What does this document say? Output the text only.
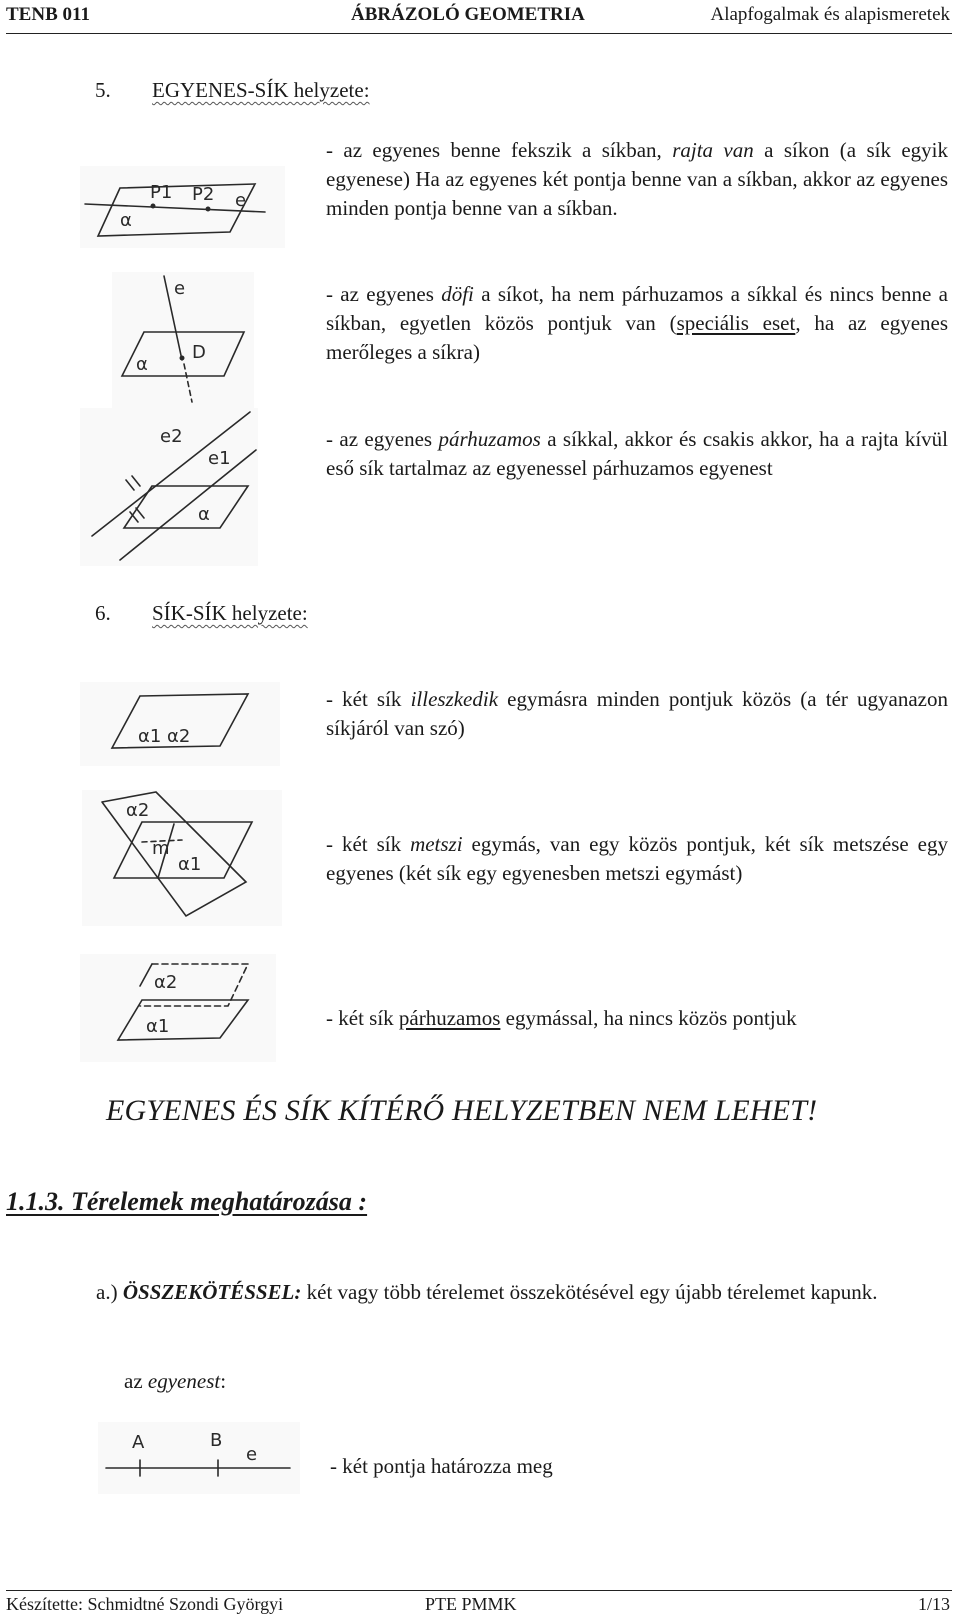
TENB 011	ÁBRÁZOLÓ GEOMETRIA	Alapfogalmak és alapismeretek
5. EGYENES-SÍK helyzete:
P1 P2 e
α
- az egyenes benne fekszik a síkban, rajta van a síkon (a sík egyik egyenese) Ha az egyenes két pontja benne van a síkban, akkor az egyenes minden pontja benne van a síkban.
e
D
α
- az egyenes döfi a síkot, ha nem párhuzamos a síkkal és nincs benne a síkban, egyetlen közös pontjuk van (speciális eset, ha az egyenes merőleges a síkra)
e2
e1
α
- az egyenes párhuzamos a síkkal, akkor és csakis akkor, ha a rajta kívül eső sík tartalmaz az egyenessel párhuzamos egyenest
6. SÍK-SÍK helyzete:
α1 α2
- két sík illeszkedik egymásra minden pontjuk közös (a tér ugyanazon síkjáról van szó)
α2
m
α1
- két sík metszi egymás, van egy közös pontjuk, két sík metszése egy egyenes (két sík egy egyenesben metszi egymást)
α2
α1	- két sík párhuzamos egymással, ha nincs közös pontjuk
EGYENES ÉS SÍK KÍTÉRŐ HELYZETBEN NEM LEHET!
1.1.3. Térelemek meghatározása :
a.) ÖSSZEKÖTÉSSEL: két vagy több térelemet összekötésével egy újabb térelemet kapunk.
az egyenest:
A	B
e	- két pontja határozza meg
Készítette: Schmidtné Szondi Györgyi	PTE PMMK	1/13
